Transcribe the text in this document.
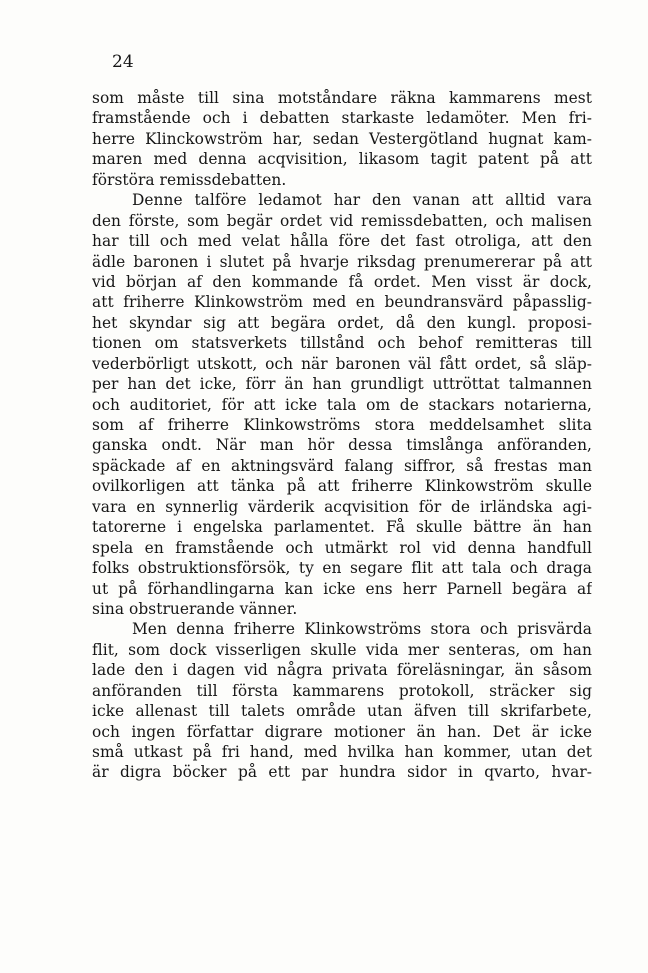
24
som måste till sina motståndare räkna kammarens mest
framstående och i debatten starkaste ledamöter. Men fri-
herre Klinckowström har, sedan Vestergötland hugnat kam-
maren med denna acqvisition, likasom tagit patent på att
förstöra remissdebatten.
Denne talföre ledamot har den vanan att alltid vara
den förste, som begär ordet vid remissdebatten, och malisen
har till och med velat hålla före det fast otroliga, att den
ädle baronen i slutet på hvarje riksdag prenumererar på att
vid början af den kommande få ordet. Men visst är dock,
att friherre Klinkowström med en beundransvärd påpasslig-
het skyndar sig att begära ordet, då den kungl. proposi-
tionen om statsverkets tillstånd och behof remitteras till
vederbörligt utskott, och när baronen väl fått ordet, så släp-
per han det icke, förr än han grundligt uttröttat talmannen
och auditoriet, för att icke tala om de stackars notarierna,
som af friherre Klinkowströms stora meddelsamhet slita
ganska ondt. När man hör dessa timslånga anföranden,
späckade af en aktningsvärd falang siffror, så frestas man
ovilkorligen att tänka på att friherre Klinkowström skulle
vara en synnerlig värderik acqvisition för de irländska agi-
tatorerne i engelska parlamentet. Få skulle bättre än han
spela en framstående och utmärkt rol vid denna handfull
folks obstruktionsförsök, ty en segare flit att tala och draga
ut på förhandlingarna kan icke ens herr Parnell begära af
sina obstruerande vänner.
Men denna friherre Klinkowströms stora och prisvärda
flit, som dock visserligen skulle vida mer senteras, om han
lade den i dagen vid några privata föreläsningar, än såsom
anföranden till första kammarens protokoll, sträcker sig
icke allenast till talets område utan äfven till skrifarbete,
och ingen författar digrare motioner än han. Det är icke
små utkast på fri hand, med hvilka han kommer, utan det
är digra böcker på ett par hundra sidor in qvarto, hvar-
